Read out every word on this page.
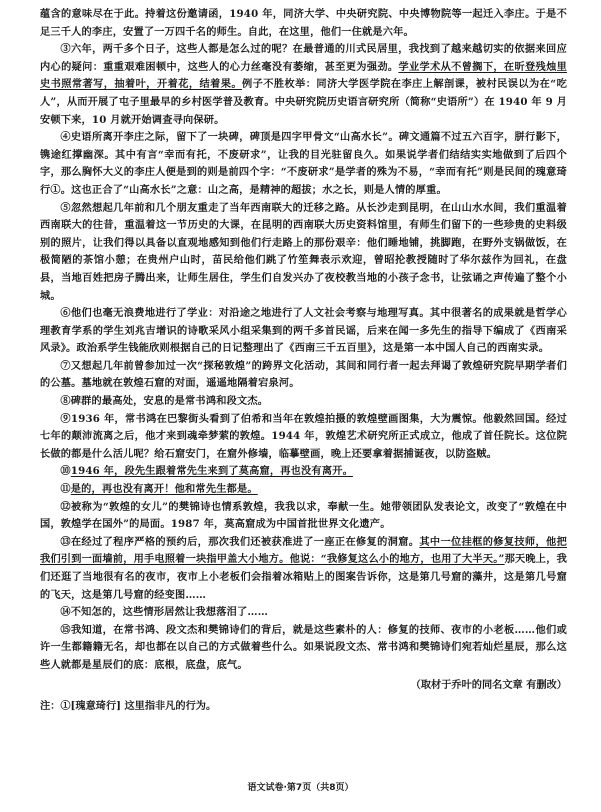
蕴含的意味尽在于此。持着这份邀请函，1940 年，同济大学、中央研究院、中央博物院等一起迁入李庄。于是不足三千人的李庄，安置了一万四千名的师生。自此，在这里，他们一住就是六年。

③六年，两千多个日子，这些人都是怎么过的呢？在最普通的川式民居里，我找到了越来越切实的依据来回应内心的疑问：重重艰难困顿中，这些人的心力丝毫没有萎缩，甚至更为强劲。学业学术从不曾搁下，在昕登残烛里史书照常著写，抽着叶，开着花，结着果。例子不胜枚举：同济大学医学院在李庄上解剖课，被村民误以为在“吃人”，从而开展了屯子里最早的乡村医学普及教育。中央研究院历史语言研究所（简称“史语所”）在 1940 年 9 月安顿下来，10 月就开始调查寻向保研。

④史语所离开李庄之际，留下了一块碑，碑顶是四字甲骨文“山高水长”。碑文通篇不过五六百字，胼行影下，镌途红撑幽深。其中有言“幸而有托，不废研求”，让我的目光驻留良久。如果说学者们结结实实地做到了后四个字，那么胸怀大义的李庄人便是到的则是前四个字：“不废研求”是学者的殊为不易，“幸而有托”则是民间的瑰意琦行①。这也正合了“山高水长”之意：山之高，是精神的超拔；水之长，则是人情的厚重。

⑤忽然想起几年前和几个朋友重走了当年西南联大的迁移之路。从长沙走到昆明，在山山水水间，我们重温着西南联大的往昔，重温着这一节历史的大课，在昆明的西南联大历史资料馆里，有师生们留下的一些珍贵的史料级别的照片，让我们得以具备以直观地感知到他们行走路上的那份艰辛：他们睡地铺，挑脚跑，在野外支锅做饭，在极简陋的茶馆小憩；在贵州户山时，苗民给他们跳了竹笙舞表示欢迎，曾昭抡教授随时了华尔兹作为回礼，在盘县，当地百姓把房子腾出来，让师生居住，学生们自发兴办了夜校教当地的小孩子念书，让弦诵之声传遍了整个小城。

⑥他们也毫无浪费地进行了学业：对沿途之地进行了人文社会考察与地理写真。其中很著名的成果就是哲学心理教育学系的学生刘兆吉增识的诗歌采风小组采集到的两千多首民谣，后来在闻一多先生的指导下编成了《西南采风录》。政治系学生钱能欣则根据自己的日记整理出了《西南三千五百里》，这是第一本中国人自己的西南实录。

⑦又想起几年前曾参加过一次“探秘敦煌”的跨界文化活动，其间和同行者一起去拜谒了敦煌研究院早期学者们的公墓。墓地就在敦煌石窟的对面，遥遥地隔着宕泉河。

⑧碑群的最高处，安息的是常书鸿和段文杰。

⑨1936 年，常书鸿在巴黎街头看到了伯希和当年在敦煌拍摄的敦煌壁画图集，大为震惊。他毅然回国。经过七年的颠沛流离之后，他才来到魂牵梦萦的敦煌。1944 年，敦煌艺术研究所正式成立，他成了首任院长。这位院长做的都是什么活儿呢？给石窟安门，在窟外修墙，临摹壁画，晚上还要拿着据捕诞夜，以防盗贼。

⑩1946 年，段先生跟着常先生来到了莫高窟，再也没有离开。

⑪是的，再也没有离开！他和常先生都是。

⑫被称为“敦煌的女儿”的樊锦诗也情系敦煌，我我以求，奉献一生。她带领团队发表论文，改变了“敦煌在中国，敦煌学在国外”的局面。1987 年，莫高窟成为中国首批世界文化遗产。

⑬在经过了程序严格的预约后，那次我们还被获准进了一座正在修复的洞窟。其中一位挂框的修复技师，他把我们引到一面墙前，用手电照着一块指甲盖大小地方。他说：“我修复这么小的地方，也用了大半天。”那天晚上，我们还逛了当地很有名的夜市，夜市上小老板们会指着冰箱贴上的图案告诉你，这是第几号窟的藻井，这是第几号窟的飞天，这是第几号窟的经变图……

⑭不知怎的，这些情形居然让我想落泪了……

⑮我知道，在常书鸿、段文杰和樊锦诗们的背后，就是这些素朴的人：修复的技师、夜市的小老板……他们或许一生都籍籍无名，却也都在以自己的方式做着些什么。如果说段文杰、常书鸿和樊锦诗们宛若灿烂星辰，那么这些人就都是星辰们的底：底根，底盘，底气。

（取材于乔叶的同名文章 有删改）

注：①[瑰意琦行] 这里指非凡的行为。

语文试卷·第7页（共8页）
